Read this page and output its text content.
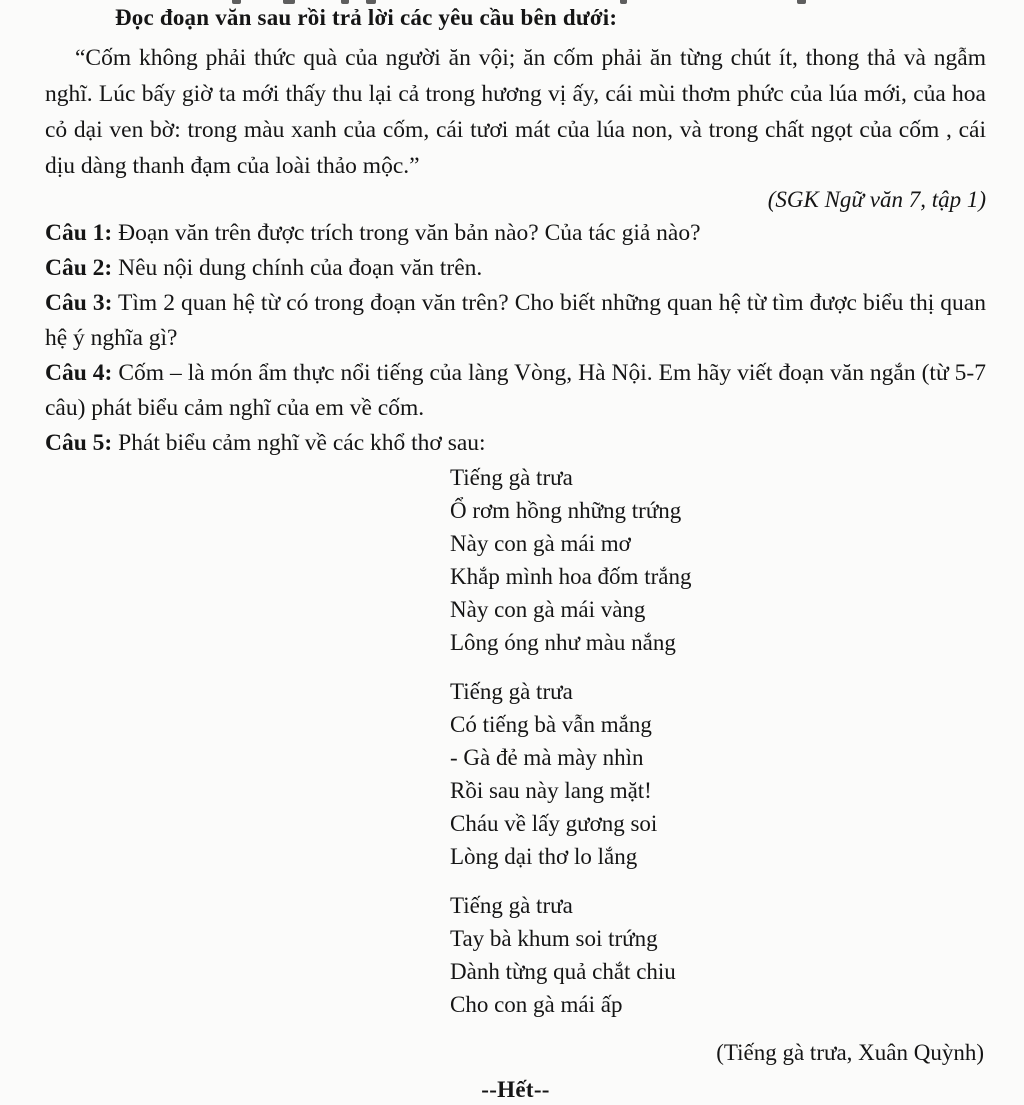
Đọc đoạn văn sau rồi trả lời các yêu cầu bên dưới:
“Cốm không phải thức quà của người ăn vội; ăn cốm phải ăn từng chút ít, thong thả và ngẫm nghĩ. Lúc bấy giờ ta mới thấy thu lại cả trong hương vị ấy, cái mùi thơm phức của lúa mới, của hoa cỏ dại ven bờ: trong màu xanh của cốm, cái tươi mát của lúa non, và trong chất ngọt của cốm , cái dịu dàng thanh đạm của loài thảo mộc.”
(SGK Ngữ văn 7, tập 1)
Câu 1: Đoạn văn trên được trích trong văn bản nào? Của tác giả nào?
Câu 2: Nêu nội dung chính của đoạn văn trên.
Câu 3: Tìm 2 quan hệ từ có trong đoạn văn trên? Cho biết những quan hệ từ tìm được biểu thị quan hệ ý nghĩa gì?
Câu 4: Cốm – là món ẩm thực nổi tiếng của làng Vòng, Hà Nội. Em hãy viết đoạn văn ngắn (từ 5-7 câu) phát biểu cảm nghĩ của em về cốm.
Câu 5: Phát biểu cảm nghĩ về các khổ thơ sau:
Tiếng gà trưa
Ổ rơm hồng những trứng
Này con gà mái mơ
Khắp mình hoa đốm trắng
Này con gà mái vàng
Lông óng như màu nắng
Tiếng gà trưa
Có tiếng bà vẫn mắng
- Gà đẻ mà mày nhìn
Rồi sau này lang mặt!
Cháu về lấy gương soi
Lòng dại thơ lo lắng
Tiếng gà trưa
Tay bà khum soi trứng
Dành từng quả chắt chiu
Cho con gà mái ấp
(Tiếng gà trưa, Xuân Quỳnh)
--Hết--
